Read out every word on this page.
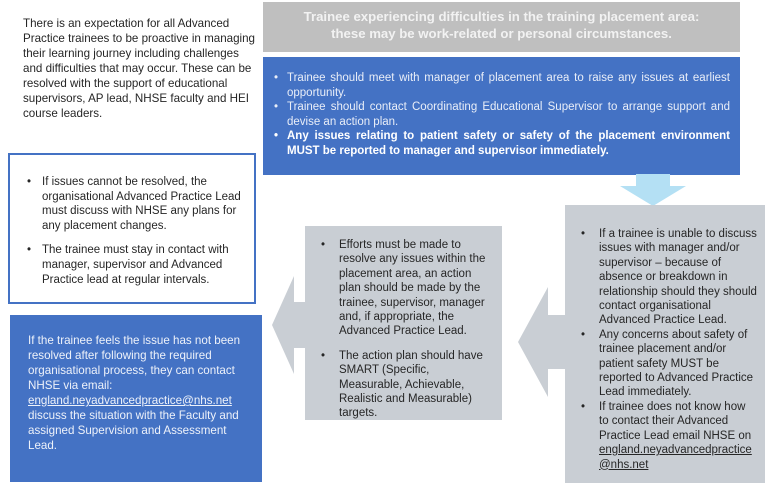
There is an expectation for all Advanced Practice trainees to be proactive in managing their learning journey including challenges and difficulties that may occur. These can be resolved with the support of educational supervisors, AP lead, NHSE faculty and HEI course leaders.
Trainee experiencing difficulties in the training placement area:
these may be work-related or personal circumstances.
• Trainee should meet with manager of placement area to raise any issues at earliest opportunity.
• Trainee should contact Coordinating Educational Supervisor to arrange support and devise an action plan.
• Any issues relating to patient safety or safety of the placement environment MUST be reported to manager and supervisor immediately.
• If a trainee is unable to discuss issues with manager and/or supervisor – because of absence or breakdown in relationship should they should contact organisational Advanced Practice Lead.
• Any concerns about safety of trainee placement and/or patient safety MUST be reported to Advanced Practice Lead immediately.
• If trainee does not know how to contact their Advanced Practice Lead email NHSE on england.neyadvancedpractice@nhs.net
• Efforts must be made to resolve any issues within the placement area, an action plan should be made by the trainee, supervisor, manager and, if appropriate, the Advanced Practice Lead.
• The action plan should have SMART (Specific, Measurable, Achievable, Realistic and Measurable) targets.
• If issues cannot be resolved, the organisational Advanced Practice Lead must discuss with NHSE any plans for any placement changes.
• The trainee must stay in contact with manager, supervisor and Advanced Practice lead at regular intervals.
If the trainee feels the issue has not been resolved after following the required organisational process, they can contact NHSE via email:
england.neyadvancedpractice@nhs.net
discuss the situation with the Faculty and assigned Supervision and Assessment Lead.
